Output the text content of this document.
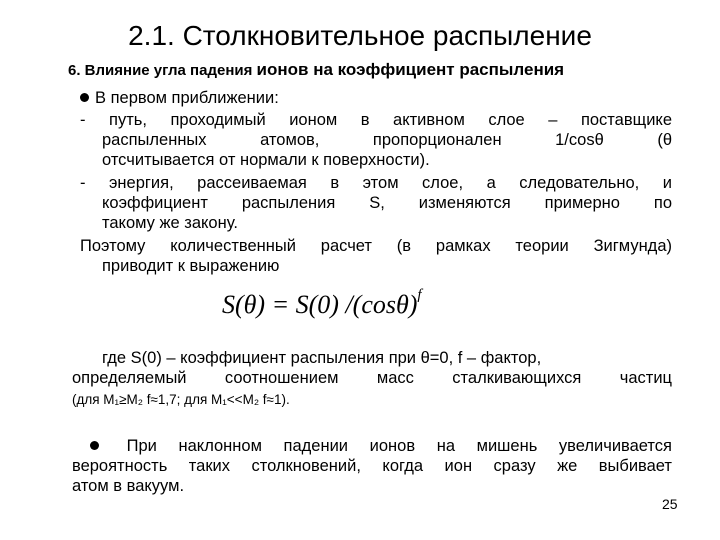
2.1. Столкновительное распыление
6. Влияние угла падения ионов на коэффициент распыления
В первом приближении:
- путь, проходимый ионом в активном слое – поставщике
распыленных атомов, пропорционален 1/cosθ (θ
отсчитывается от нормали к поверхности).
- энергия, рассеиваемая в этом слое, а следовательно, и
коэффициент распыления S, изменяются примерно по
такому же закону.
Поэтому количественный расчет (в рамках теории Зигмунда)
приводит к выражению
S(θ) = S(0) $/(\cos\theta)^f$
где S(0) – коэффициент распыления при θ=0, f – фактор,
определяемый соотношением масс сталкивающихся частиц
(для M₁≥M₂ f≈1,7; для M₁<<M₂ f≈1).
При наклонном падении ионов на мишень увеличивается
вероятность таких столкновений, когда ион сразу же выбивает
атом в вакуум.
25
